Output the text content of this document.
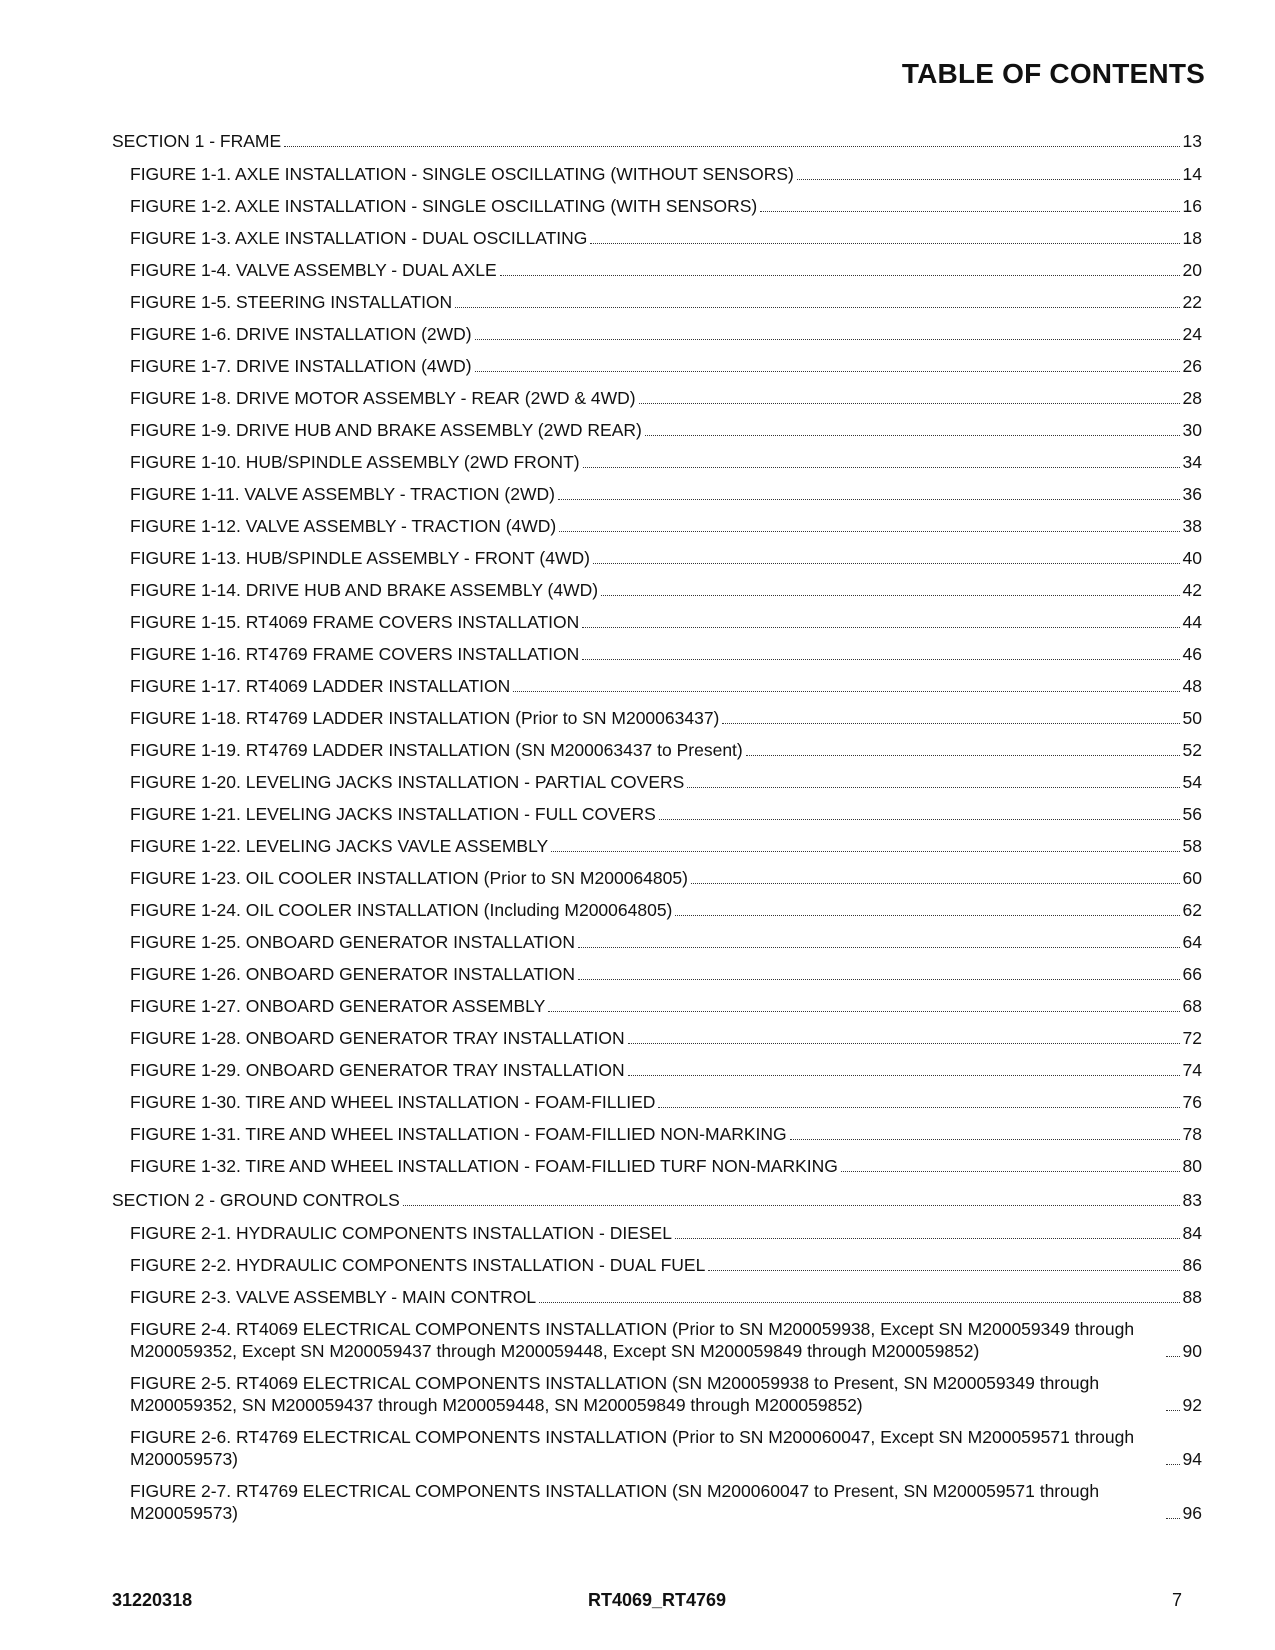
TABLE OF CONTENTS
SECTION 1 - FRAME	13
FIGURE 1-1. AXLE INSTALLATION - SINGLE OSCILLATING (WITHOUT SENSORS)	14
FIGURE 1-2. AXLE INSTALLATION - SINGLE OSCILLATING (WITH SENSORS)	16
FIGURE 1-3. AXLE INSTALLATION - DUAL OSCILLATING	18
FIGURE 1-4. VALVE ASSEMBLY - DUAL AXLE	20
FIGURE 1-5. STEERING INSTALLATION	22
FIGURE 1-6. DRIVE INSTALLATION (2WD)	24
FIGURE 1-7. DRIVE INSTALLATION (4WD)	26
FIGURE 1-8. DRIVE MOTOR ASSEMBLY - REAR (2WD & 4WD)	28
FIGURE 1-9. DRIVE HUB AND BRAKE ASSEMBLY (2WD REAR)	30
FIGURE 1-10. HUB/SPINDLE ASSEMBLY (2WD FRONT)	34
FIGURE 1-11. VALVE ASSEMBLY - TRACTION (2WD)	36
FIGURE 1-12. VALVE ASSEMBLY - TRACTION (4WD)	38
FIGURE 1-13. HUB/SPINDLE ASSEMBLY - FRONT (4WD)	40
FIGURE 1-14. DRIVE HUB AND BRAKE ASSEMBLY (4WD)	42
FIGURE 1-15. RT4069 FRAME COVERS INSTALLATION	44
FIGURE 1-16. RT4769 FRAME COVERS INSTALLATION	46
FIGURE 1-17. RT4069 LADDER INSTALLATION	48
FIGURE 1-18. RT4769 LADDER INSTALLATION (Prior to SN M200063437)	50
FIGURE 1-19. RT4769 LADDER INSTALLATION (SN M200063437 to Present)	52
FIGURE 1-20. LEVELING JACKS INSTALLATION - PARTIAL COVERS	54
FIGURE 1-21. LEVELING JACKS INSTALLATION - FULL COVERS	56
FIGURE 1-22. LEVELING JACKS VAVLE ASSEMBLY	58
FIGURE 1-23. OIL COOLER INSTALLATION (Prior to SN M200064805)	60
FIGURE 1-24. OIL COOLER INSTALLATION (Including M200064805)	62
FIGURE 1-25. ONBOARD GENERATOR INSTALLATION	64
FIGURE 1-26. ONBOARD GENERATOR INSTALLATION	66
FIGURE 1-27. ONBOARD GENERATOR ASSEMBLY	68
FIGURE 1-28. ONBOARD GENERATOR TRAY INSTALLATION	72
FIGURE 1-29. ONBOARD GENERATOR TRAY INSTALLATION	74
FIGURE 1-30. TIRE AND WHEEL INSTALLATION - FOAM-FILLIED	76
FIGURE 1-31. TIRE AND WHEEL INSTALLATION - FOAM-FILLIED NON-MARKING	78
FIGURE 1-32. TIRE AND WHEEL INSTALLATION - FOAM-FILLIED TURF NON-MARKING	80
SECTION 2 - GROUND CONTROLS	83
FIGURE 2-1. HYDRAULIC COMPONENTS INSTALLATION - DIESEL	84
FIGURE 2-2. HYDRAULIC COMPONENTS INSTALLATION - DUAL FUEL	86
FIGURE 2-3. VALVE ASSEMBLY - MAIN CONTROL	88
FIGURE 2-4. RT4069 ELECTRICAL COMPONENTS INSTALLATION (Prior to SN M200059938, Except SN M200059349 through M200059352, Except SN M200059437 through M200059448, Except SN M200059849 through M200059852)	90
FIGURE 2-5. RT4069 ELECTRICAL COMPONENTS INSTALLATION (SN M200059938 to Present, SN M200059349 through M200059352, SN M200059437 through M200059448, SN M200059849 through M200059852)	92
FIGURE 2-6. RT4769 ELECTRICAL COMPONENTS INSTALLATION (Prior to SN M200060047, Except SN M200059571 through M200059573)	94
FIGURE 2-7. RT4769 ELECTRICAL COMPONENTS INSTALLATION (SN M200060047 to Present, SN M200059571 through M200059573)	96
31220318	RT4069_RT4769	7
